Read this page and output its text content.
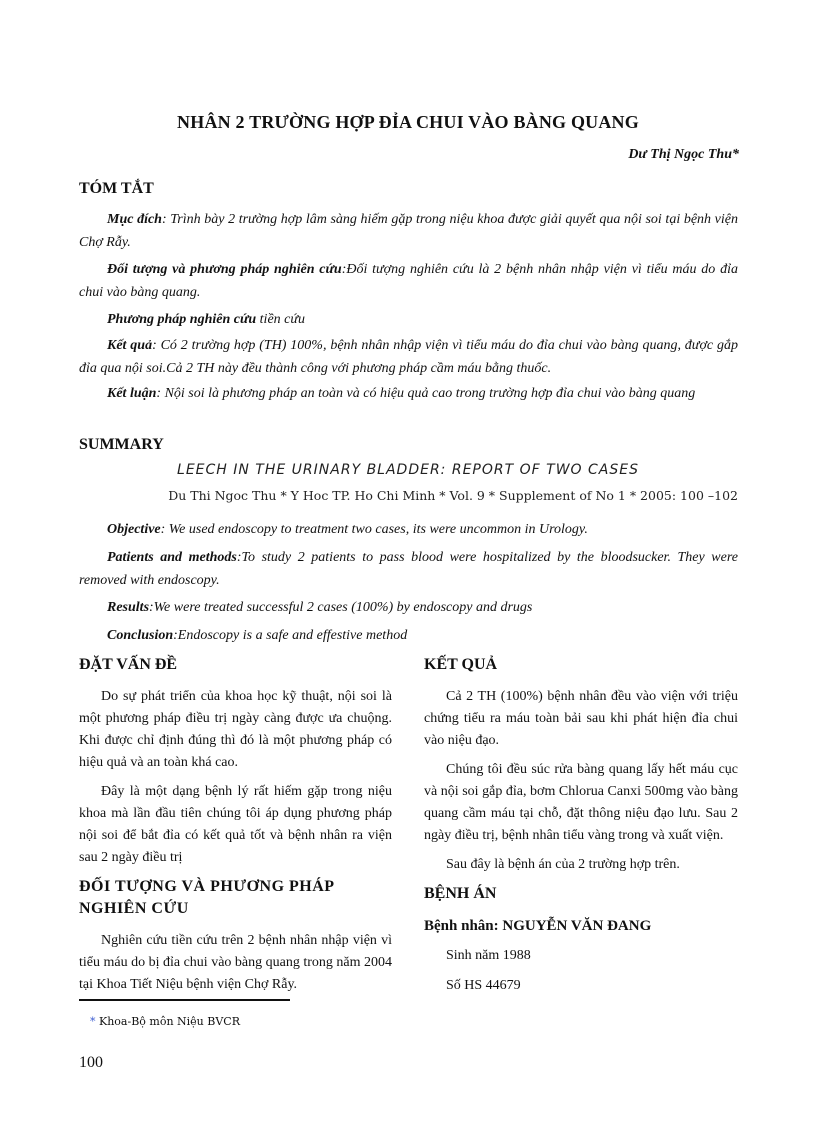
NHÂN 2 TRƯỜNG HỢP ĐỈA CHUI VÀO BÀNG QUANG
Dư Thị Ngọc Thu*
TÓM TẮT
Mục đích: Trình bày 2 trường hợp lâm sàng hiếm gặp trong niệu khoa được giải quyết qua nội soi tại bệnh viện Chợ Rẫy.
Đối tượng và phương pháp nghiên cứu:Đối tượng nghiên cứu là 2 bệnh nhân nhập viện vì tiểu máu do đỉa chui vào bàng quang.
Phương pháp nghiên cứu tiền cứu
Kết quả: Có 2 trường hợp (TH) 100%, bệnh nhân nhập viện vì tiểu máu do đỉa chui vào bàng quang, được gắp đỉa qua nội soi.Cả 2 TH này đều thành công với phương pháp cầm máu bằng thuốc.
Kết luận: Nội soi là phương pháp an toàn và có hiệu quả cao trong trường hợp đỉa chui vào bàng quang
SUMMARY
LEECH IN THE URINARY BLADDER: REPORT OF TWO CASES
Du Thi Ngoc Thu * Y Hoc TP. Ho Chi Minh * Vol. 9 * Supplement of No 1 * 2005: 100 –102
Objective: We used endoscopy to treatment two cases, its were uncommon in Urology.
Patients and methods:To study 2 patients to pass blood were hospitalized by the bloodsucker. They were removed with endoscopy.
Results:We were treated successful 2 cases (100%) by endoscopy and drugs
Conclusion:Endoscopy is a safe and effestive method
ĐẶT VẤN ĐỀ

Do sự phát triển của khoa học kỹ thuật, nội soi là một phương pháp điều trị ngày càng được ưa chuộng. Khi được chỉ định đúng thì đó là một phương pháp có hiệu quả và an toàn khá cao.

Đây là một dạng bệnh lý rất hiếm gặp trong niệu khoa mà lần đầu tiên chúng tôi áp dụng phương pháp nội soi để bắt đỉa có kết quả tốt và bệnh nhân ra viện sau 2 ngày điều trị

ĐỐI TƯỢNG VÀ PHƯƠNG PHÁP NGHIÊN CỨU

Nghiên cứu tiền cứu trên 2 bệnh nhân nhập viện vì tiểu máu do bị đỉa chui vào bàng quang trong năm 2004 tại Khoa Tiết Niệu bệnh viện Chợ Rẫy.

KẾT QUẢ

Cả 2 TH (100%) bệnh nhân đều vào viện với triệu chứng tiểu ra máu toàn bải sau khi phát hiện đỉa chui vào niệu đạo.

Chúng tôi đều súc rửa bàng quang lấy hết máu cục và nội soi gắp đỉa, bơm Chlorua Canxi 500mg vào bàng quang cầm máu tại chỗ, đặt thông niệu đạo lưu. Sau 2 ngày điều trị, bệnh nhân tiểu vàng trong và xuất viện.

Sau đây là bệnh án của 2 trường hợp trên.

BỆNH ÁN
Bệnh nhân: NGUYỄN VĂN ĐANG
Sinh năm 1988
Số HS 44679
* Khoa-Bộ môn Niệu BVCR
100
